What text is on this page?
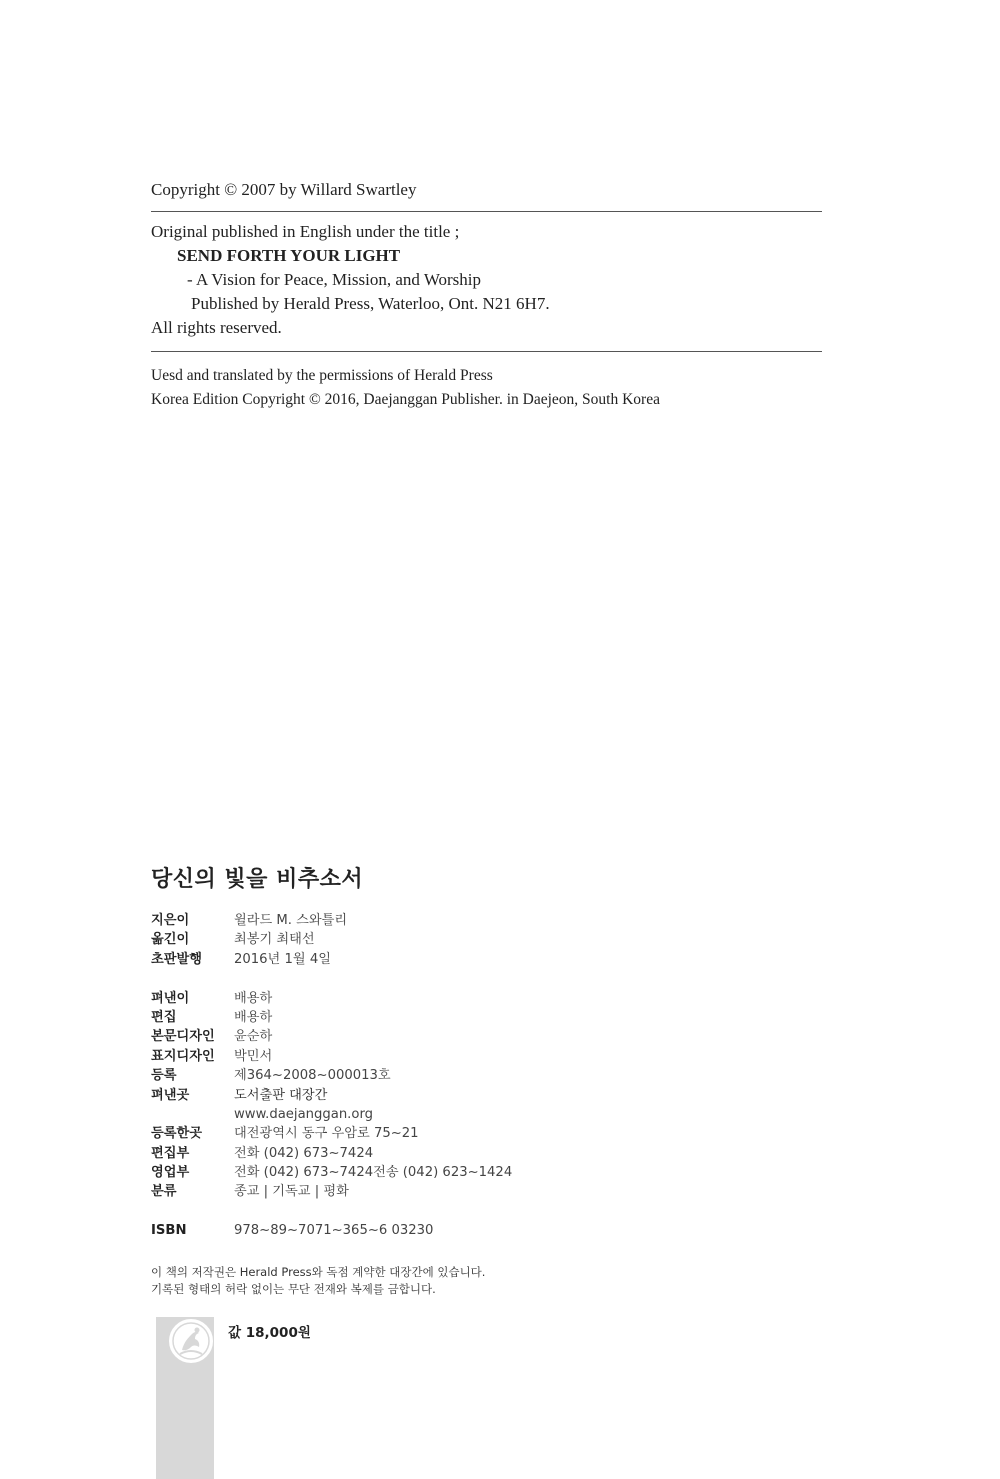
Copyright © 2007 by Willard Swartley

Original published in English under the title ;

SEND FORTH YOUR LIGHT

- A Vision for Peace, Mission, and Worship

Published by Herald Press, Waterloo, Ont. N21 6H7.

All rights reserved.

Uesd and translated by the permissions of Herald Press
Korea Edition Copyright © 2016, Daejanggan Publisher. in Daejeon, South Korea
당신의 빛을 비추소서
지은이	윌라드 M. 스와틀리
옮긴이	최봉기 최태선
초판발행	2016년 1월 4일
펴낸이	배용하
편집	배용하
본문디자인	윤순하
표지디자인	박민서
등록	제364~2008~000013호
펴낸곳	도서출판 대장간
www.daejanggan.org
등록한곳	대전광역시 동구 우암로 75~21
편집부	전화 (042) 673~7424
영업부	전화 (042) 673~7424전송 (042) 623~1424
분류	종교 | 기독교 | 평화
ISBN	978~89~7071~365~6 03230
이 책의 저작권은 Herald Press와 독점 계약한 대장간에 있습니다.
기록된 형태의 허락 없이는 무단 전재와 복제를 금합니다.
값 18,000원
